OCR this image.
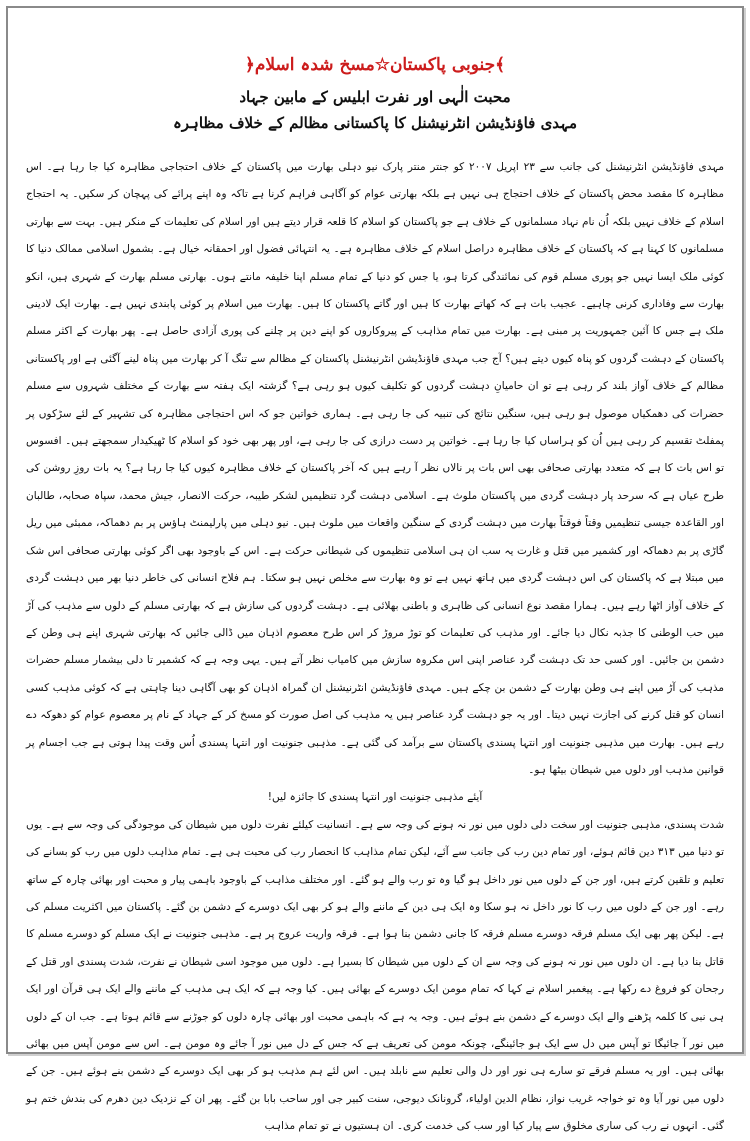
﴾جنوبی پاکستان☆مسخ شدہ اسلام﴿
محبت الٰہی اور نفرت ابلیس کے مابین جہاد
مہدی فاؤنڈیشن انٹرنیشنل کا پاکستانی مظالم کے خلاف مظاہرہ

مہدی فاؤنڈیشن انٹرنیشنل کی جانب سے ۲۳ اپریل ۲۰۰۷ کو جنتر منتر پارک نیو دہلی بھارت میں پاکستان کے خلاف احتجاجی مظاہرہ کیا جا رہا ہے۔ اس مظاہرہ کا مقصد محض پاکستان کے خلاف احتجاج ہی نہیں ہے بلکہ بھارتی عوام کو آگاہی فراہم کرنا ہے تاکہ وہ اپنے پرائے کی پہچان کر سکیں۔ یہ احتجاج اسلام کے خلاف نہیں بلکہ اُن نام نہاد مسلمانوں کے خلاف ہے جو پاکستان کو اسلام کا قلعہ قرار دیتے ہیں اور اسلام کی تعلیمات کے منکر ہیں۔ بہت سے بھارتی مسلمانوں کا کہنا ہے کہ پاکستان کے خلاف مظاہرہ دراصل اسلام کے خلاف مظاہرہ ہے۔ یہ انتہائی فضول اور احمقانہ خیال ہے۔ بشمول اسلامی ممالک دنیا کا کوئی ملک ایسا نہیں جو پوری مسلم قوم کی نمائندگی کرتا ہو، یا جس کو دنیا کے تمام مسلم اپنا خلیفہ مانتے ہوں۔ بھارتی مسلم بھارت کے شہری ہیں، انکو بھارت سے وفاداری کرنی چاہیے۔ عجیب بات ہے کہ کھاتے بھارت کا ہیں اور گاتے پاکستان کا ہیں۔ بھارت میں اسلام پر کوئی پابندی نہیں ہے۔ بھارت ایک لادینی ملک ہے جس کا آئین جمہوریت پر مبنی ہے۔ بھارت میں تمام مذاہب کے پیروکاروں کو اپنے دین پر چلنے کی پوری آزادی حاصل ہے۔ پھر بھارت کے اکثر مسلم پاکستان کے دہشت گردوں کو پناہ کیوں دیتے ہیں؟ آج جب مہدی فاؤنڈیشن انٹرنیشنل پاکستان کے مظالم سے تنگ آ کر بھارت میں پناہ لینے آگئی ہے اور پاکستانی مظالم کے خلاف آواز بلند کر رہی ہے تو ان حامیانِ دہشت گردوں کو تکلیف کیوں ہو رہی ہے؟ گزشتہ ایک ہفتہ سے بھارت کے مختلف شہروں سے مسلم حضرات کی دھمکیاں موصول ہو رہی ہیں، سنگین نتائج کی تنبیہ کی جا رہی ہے۔ ہماری خواتین جو کہ اس احتجاجی مظاہرہ کی تشہیر کے لئے سڑکوں پر پمفلٹ تقسیم کر رہی ہیں اُن کو ہراساں کیا جا رہا ہے۔ خواتین پر دست درازی کی جا رہی ہے، اور پھر بھی خود کو اسلام کا ٹھیکیدار سمجھتے ہیں۔ افسوس تو اس بات کا ہے کہ متعدد بھارتی صحافی بھی اس بات پر نالاں نظر آ رہے ہیں کہ آخر پاکستان کے خلاف مظاہرہ کیوں کیا جا رہا ہے؟ یہ بات روزِ روشن کی طرح عیاں ہے کہ سرحد پار دہشت گردی میں پاکستان ملوث ہے۔ اسلامی دہشت گرد تنظیمیں لشکر طیبہ، حرکت الانصار، جیش محمد، سپاہ صحابہ، طالبان اور القاعدہ جیسی تنظیمیں وقتاً فوقتاً بھارت میں دہشت گردی کے سنگین واقعات میں ملوث ہیں۔ نیو دہلی میں پارلیمنٹ ہاؤس پر بم دھماکہ، ممبئی میں ریل گاڑی پر بم دھماکہ اور کشمیر میں قتل و غارت یہ سب ان ہی اسلامی تنظیموں کی شیطانی حرکت ہے۔ اس کے باوجود بھی اگر کوئی بھارتی صحافی اس شک میں مبتلا ہے کہ پاکستان کی اس دہشت گردی میں ہاتھ نہیں ہے تو وہ بھارت سے مخلص نہیں ہو سکتا۔ ہم فلاح انسانی کی خاطر دنیا بھر میں دہشت گردی کے خلاف آواز اٹھا رہے ہیں۔ ہمارا مقصد نوع انسانی کی ظاہری و باطنی بھلائی ہے۔ دہشت گردوں کی سازش ہے کہ بھارتی مسلم کے دلوں سے مذہب کی آڑ میں حب الوطنی کا جذبہ نکال دیا جائے۔ اور مذہب کی تعلیمات کو توڑ مروڑ کر اس طرح معصوم اذہان میں ڈالی جائیں کہ بھارتی شہری اپنے ہی وطن کے دشمن بن جائیں۔ اور کسی حد تک دہشت گرد عناصر اپنی اس مکروہ سازش میں کامیاب نظر آتے ہیں۔ یہی وجہ ہے کہ کشمیر تا دلی بیشمار مسلم حضرات مذہب کی آڑ میں اپنے ہی وطن بھارت کے دشمن بن چکے ہیں۔ مہدی فاؤنڈیشن انٹرنیشنل ان گمراہ اذہان کو بھی آگاہی دینا چاہتی ہے کہ کوئی مذہب کسی انسان کو قتل کرنے کی اجازت نہیں دیتا۔ اور یہ جو دہشت گرد عناصر ہیں یہ مذہب کی اصل صورت کو مسخ کر کے جہاد کے نام پر معصوم عوام کو دھوکہ دے رہے ہیں۔ بھارت میں مذہبی جنونیت اور انتہا پسندی پاکستان سے برآمد کی گئی ہے۔ مذہبی جنونیت اور انتہا پسندی اُس وقت پیدا ہوتی ہے جب اجسام پر قوانین مذہب اور دلوں میں شیطان بیٹھا ہو۔

آیئے مذہبی جنونیت اور انتہا پسندی کا جائزہ لیں!

شدت پسندی، مذہبی جنونیت اور سخت دلی دلوں میں نور نہ ہونے کی وجہ سے ہے۔ انسانیت کیلئے نفرت دلوں میں شیطان کی موجودگی کی وجہ سے ہے۔ یوں تو دنیا میں ۳۱۳ دین قائم ہوئے، اور تمام دین رب کی جانب سے آئے، لیکن تمام مذاہب کا انحصار رب کی محبت ہی ہے۔ تمام مذاہب دلوں میں رب کو بسانے کی تعلیم و تلقین کرتے ہیں، اور جن کے دلوں میں نور داخل ہو گیا وہ تو رب والے ہو گئے۔ اور مختلف مذاہب کے باوجود باہمی پیار و محبت اور بھائی چارہ کے ساتھ رہے۔ اور جن کے دلوں میں رب کا نور داخل نہ ہو سکا وہ ایک ہی دین کے ماننے والے ہو کر بھی ایک دوسرے کے دشمن بن گئے۔ پاکستان میں اکثریت مسلم کی ہے۔ لیکن پھر بھی ایک مسلم فرقہ دوسرے مسلم فرقہ کا جانی دشمن بنا ہوا ہے۔ فرقہ واریت عروج پر ہے۔ مذہبی جنونیت نے ایک مسلم کو دوسرے مسلم کا قاتل بنا دیا ہے۔ ان دلوں میں نور نہ ہونے کی وجہ سے ان کے دلوں میں شیطان کا بسیرا ہے۔ دلوں میں موجود اسی شیطان نے نفرت، شدت پسندی اور قتل کے رجحان کو فروغ دے رکھا ہے۔ پیغمبر اسلام نے کہا کہ تمام مومن ایک دوسرے کے بھائی ہیں۔ کیا وجہ ہے کہ ایک ہی مذہب کے ماننے والے ایک ہی قرآن اور ایک ہی نبی کا کلمہ پڑھنے والے ایک دوسرے کے دشمن بنے ہوئے ہیں۔ وجہ یہ ہے کہ باہمی محبت اور بھائی چارہ دلوں کو جوڑنے سے قائم ہوتا ہے۔ جب ان کے دلوں میں نور آ جائیگا تو آپس میں دل سے ایک ہو جائینگے، چونکہ مومن کی تعریف ہے کہ جس کے دل میں نور آ جائے وہ مومن ہے۔ اس سے مومن آپس میں بھائی بھائی ہیں۔ اور یہ مسلم فرقے تو سارے ہی نور اور دل والی تعلیم سے نابلد ہیں۔ اس لئے ہم مذہب ہو کر بھی ایک دوسرے کے دشمن بنے ہوئے ہیں۔ جن کے دلوں میں نور آیا وہ تو خواجہ غریب نواز، نظام الدین اولیاء، گرونانک دیوجی، سنت کبیر جی اور ساحب بابا بن گئے۔ پھر ان کے نزدیک دین دھرم کی بندش ختم ہو گئی۔ انہوں نے رب کی ساری مخلوق سے پیار کیا اور سب کی خدمت کری۔ ان ہستیوں نے تو تمام مذاہب
